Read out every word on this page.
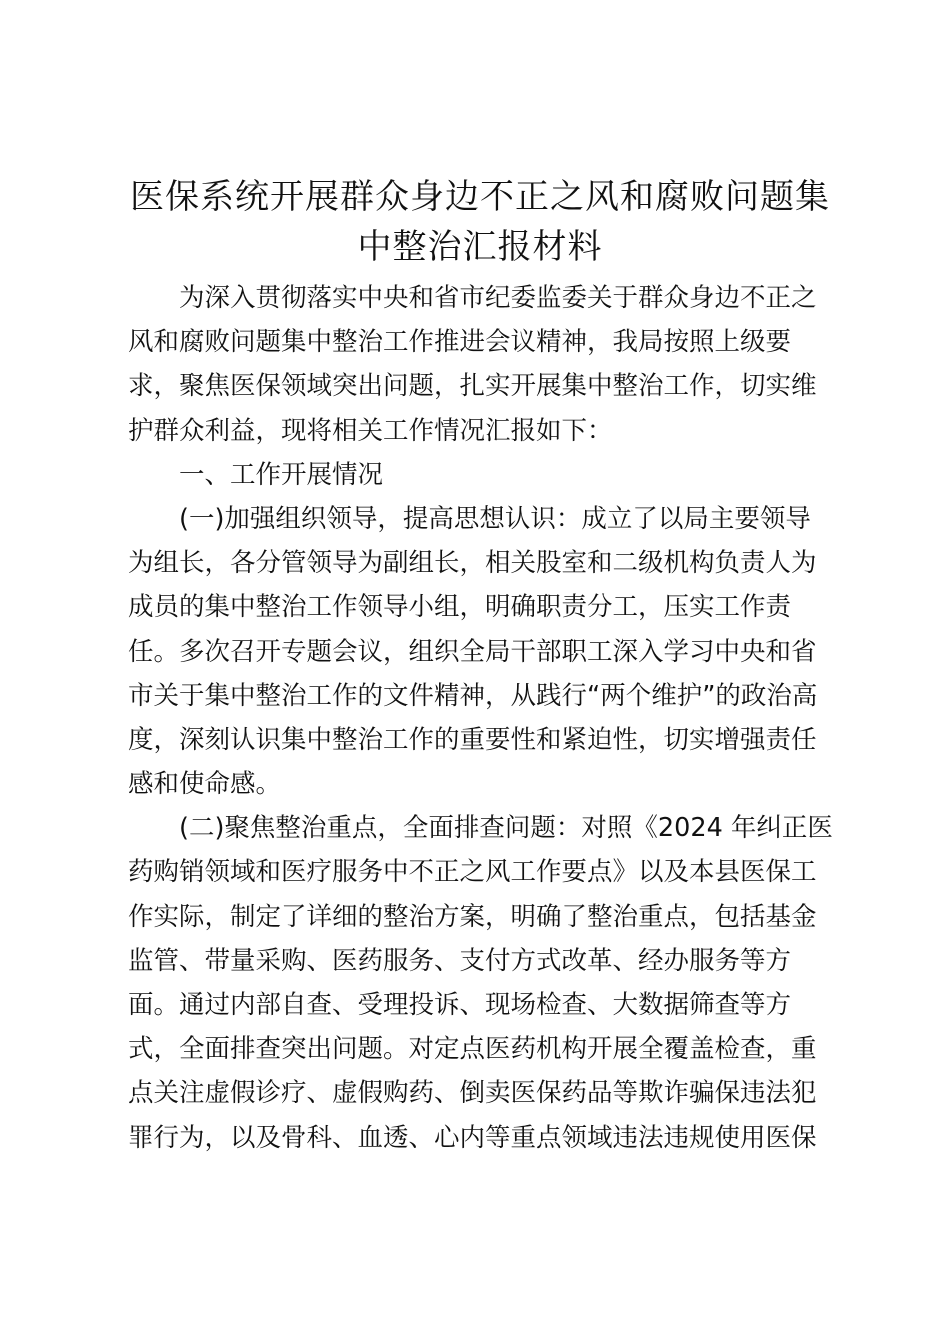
医保系统开展群众身边不正之风和腐败问题集
中整治汇报材料
为深入贯彻落实中央和省市纪委监委关于群众身边不正之
风和腐败问题集中整治工作推进会议精神，我局按照上级要
求，聚焦医保领域突出问题，扎实开展集中整治工作，切实维
护群众利益，现将相关工作情况汇报如下：
一、工作开展情况
(一)加强组织领导，提高思想认识：成立了以局主要领导
为组长，各分管领导为副组长，相关股室和二级机构负责人为
成员的集中整治工作领导小组，明确职责分工，压实工作责
任。多次召开专题会议，组织全局干部职工深入学习中央和省
市关于集中整治工作的文件精神，从践行“两个维护”的政治高
度，深刻认识集中整治工作的重要性和紧迫性，切实增强责任
感和使命感。
(二)聚焦整治重点，全面排查问题：对照《2024 年纠正医
药购销领域和医疗服务中不正之风工作要点》以及本县医保工
作实际，制定了详细的整治方案，明确了整治重点，包括基金
监管、带量采购、医药服务、支付方式改革、经办服务等方
面。通过内部自查、受理投诉、现场检查、大数据筛查等方
式，全面排查突出问题。对定点医药机构开展全覆盖检查，重
点关注虚假诊疗、虚假购药、倒卖医保药品等欺诈骗保违法犯
罪行为，以及骨科、血透、心内等重点领域违法违规使用医保
